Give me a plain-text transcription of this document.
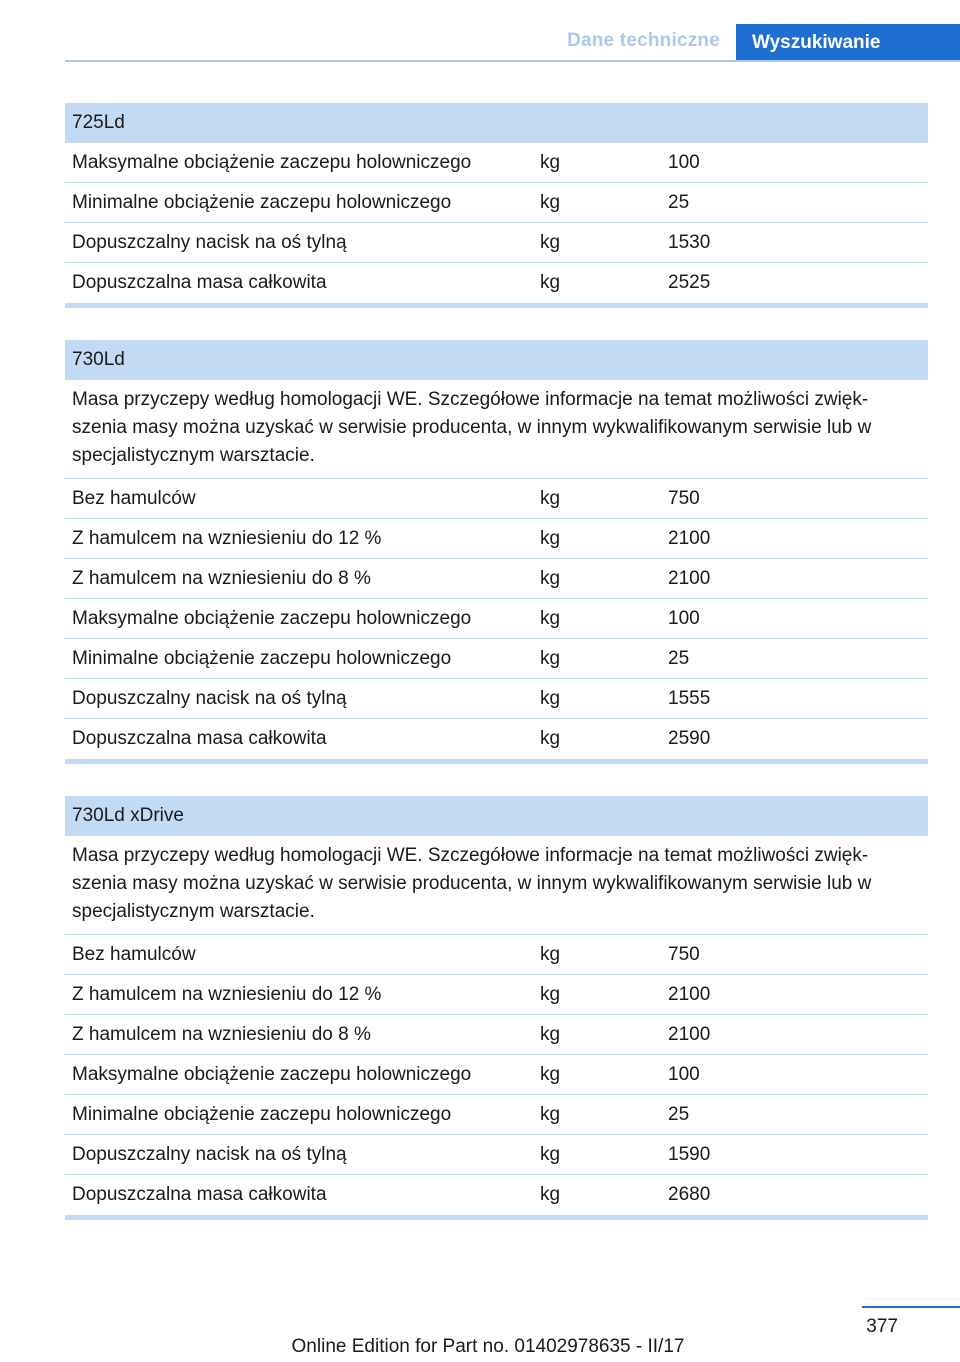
Dane techniczne Wyszukiwanie
725Ld
Maksymalne obciążenie zaczepu holowniczego	kg	100
Minimalne obciążenie zaczepu holowniczego	kg	25
Dopuszczalny nacisk na oś tylną	kg	1530
Dopuszczalna masa całkowita	kg	2525
730Ld
Masa przyczepy według homologacji WE. Szczegółowe informacje na temat możliwości zwiększenia masy można uzyskać w serwisie producenta, w innym wykwalifikowanym serwisie lub w specjalistycznym warsztacie.
Bez hamulców	kg	750
Z hamulcem na wzniesieniu do 12 %	kg	2100
Z hamulcem na wzniesieniu do 8 %	kg	2100
Maksymalne obciążenie zaczepu holowniczego	kg	100
Minimalne obciążenie zaczepu holowniczego	kg	25
Dopuszczalny nacisk na oś tylną	kg	1555
Dopuszczalna masa całkowita	kg	2590
730Ld xDrive
Masa przyczepy według homologacji WE. Szczegółowe informacje na temat możliwości zwiększenia masy można uzyskać w serwisie producenta, w innym wykwalifikowanym serwisie lub w specjalistycznym warsztacie.
Bez hamulców	kg	750
Z hamulcem na wzniesieniu do 12 %	kg	2100
Z hamulcem na wzniesieniu do 8 %	kg	2100
Maksymalne obciążenie zaczepu holowniczego	kg	100
Minimalne obciążenie zaczepu holowniczego	kg	25
Dopuszczalny nacisk na oś tylną	kg	1590
Dopuszczalna masa całkowita	kg	2680
377
Online Edition for Part no. 01402978635 - II/17
